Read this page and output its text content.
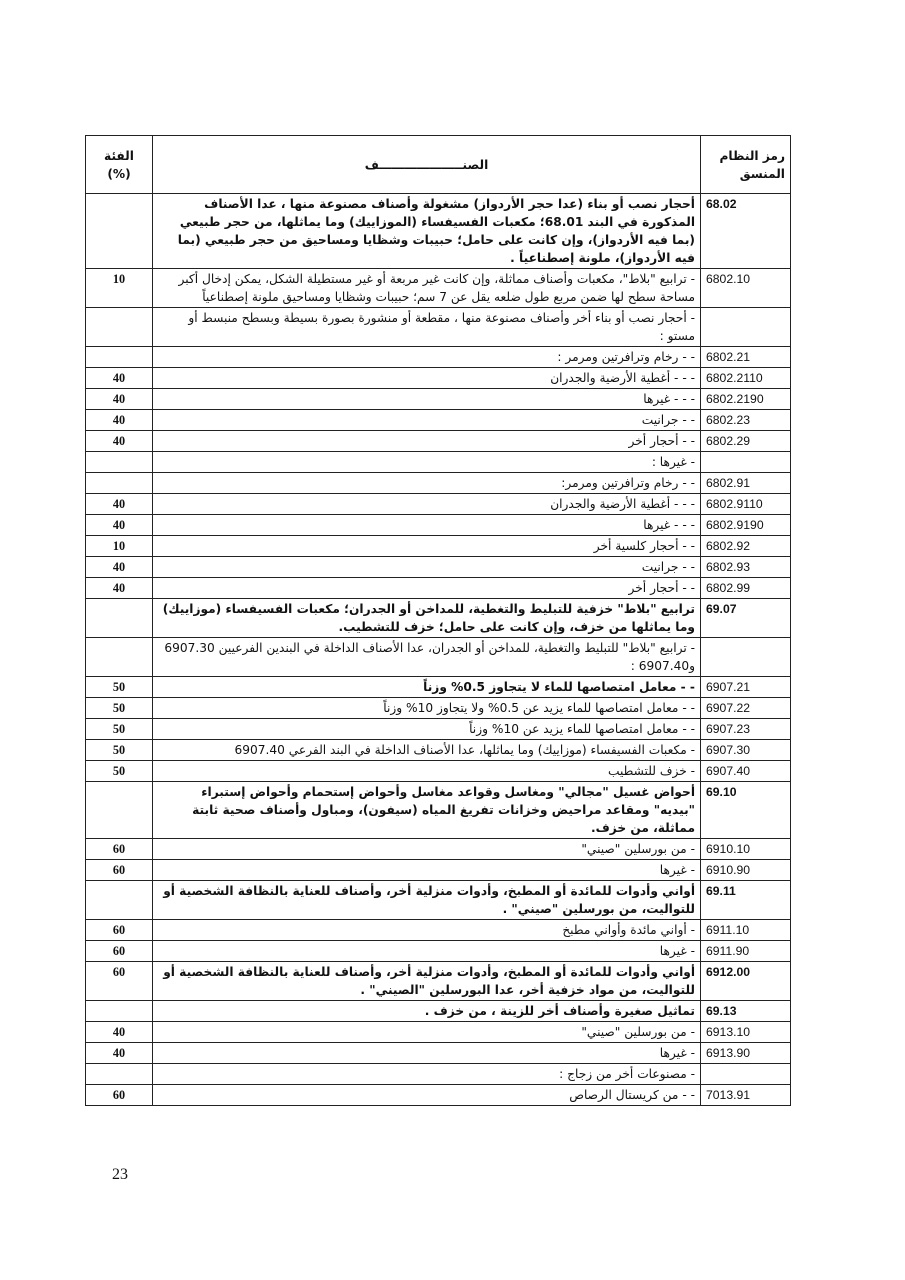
رمز النظام المنسق	الصنــــــــــــــــــــف	الفئة (%)
68.02	أحجار نصب أو بناء (عدا حجر الأردواز) مشغولة وأصناف مصنوعة منها ، عدا الأصناف المذكورة في البند 68.01؛ مكعبات الفسيفساء (الموزاييك) وما يماثلها، من حجر طبيعي (بما فيه الأردواز)، وإن كانت على حامل؛ حبيبات وشظايا ومساحيق من حجر طبيعي (بما فيه الأردواز)، ملونة إصطناعياً .	
6802.10	- ترابيع "بلاط"، مكعبات وأصناف مماثلة، وإن كانت غير مربعة أو غير مستطيلة الشكل، يمكن إدخال أكبر مساحة سطح لها ضمن مربع طول ضلعه يقل عن 7 سم؛ حبيبات وشظايا ومساحيق ملونة إصطناعياً	10
	- أحجار نصب أو بناء أخر وأصناف مصنوعة منها ، مقطعة أو منشورة بصورة بسيطة وبسطح منبسط أو مستو :	
6802.21	- - رخام وترافرتين ومرمر :	
6802.2110	- - - أغطية الأرضية والجدران	40
6802.2190	- - - غيرها	40
6802.23	- - جرانيت	40
6802.29	- - أحجار أخر	40
	- غيرها :	
6802.91	- - رخام وترافرتين ومرمر:	
6802.9110	- - - أغطية الأرضية والجدران	40
6802.9190	- - - غيرها	40
6802.92	- - أحجار كلسية أخر	10
6802.93	- - جرانيت	40
6802.99	- - أحجار أخر	40
69.07	ترابيع "بلاط" خزفية للتبليط والتغطية، للمداخن أو الجدران؛ مكعبات الفسيفساء (موزاييك) وما يماثلها من خزف، وإن كانت على حامل؛ خزف للتشطيب.	
	- ترابيع "بلاط" للتبليط والتغطية، للمداخن أو الجدران، عدا الأصناف الداخلة في البندين الفرعيين 6907.30 و6907.40 :	
6907.21	- - معامل امتصاصها للماء لا يتجاوز 0.5% وزناً	50
6907.22	- - معامل امتصاصها للماء يزيد عن 0.5% ولا يتجاوز 10% وزناً	50
6907.23	- - معامل امتصاصها للماء يزيد عن 10% وزناً	50
6907.30	- مكعبات الفسيفساء (موزاييك) وما يماثلها، عدا الأصناف الداخلة في البند الفرعي 6907.40	50
6907.40	- خزف للتشطيب	50
69.10	أحواض غسيل "مجالي" ومغاسل وقواعد مغاسل وأحواض إستحمام وأحواض إستبراء "بيديه" ومقاعد مراحيض وخزانات تفريغ المياه (سيفون)، ومباول وأصناف صحية ثابتة مماثلة، من خزف.	
6910.10	- من بورسلين "صيني"	60
6910.90	- غيرها	60
69.11	أواني وأدوات للمائدة أو المطبخ، وأدوات منزلية أخر، وأصناف للعناية بالنظافة الشخصية أو للتواليت، من بورسلين "صيني" .	
6911.10	- أواني مائدة وأواني مطبخ	60
6911.90	- غيرها	60
6912.00	أواني وأدوات للمائدة أو المطبخ، وأدوات منزلية أخر، وأصناف للعناية بالنظافة الشخصية أو للتواليت، من مواد خزفية أخر، عدا البورسلين "الصيني" .	60
69.13	تماثيل صغيرة وأصناف أخر للزينة ، من خزف .	
6913.10	- من بورسلين "صيني"	40
6913.90	- غيرها	40
	- مصنوعات أخر من زجاج :	
7013.91	- - من كريستال الرصاص	60
23
